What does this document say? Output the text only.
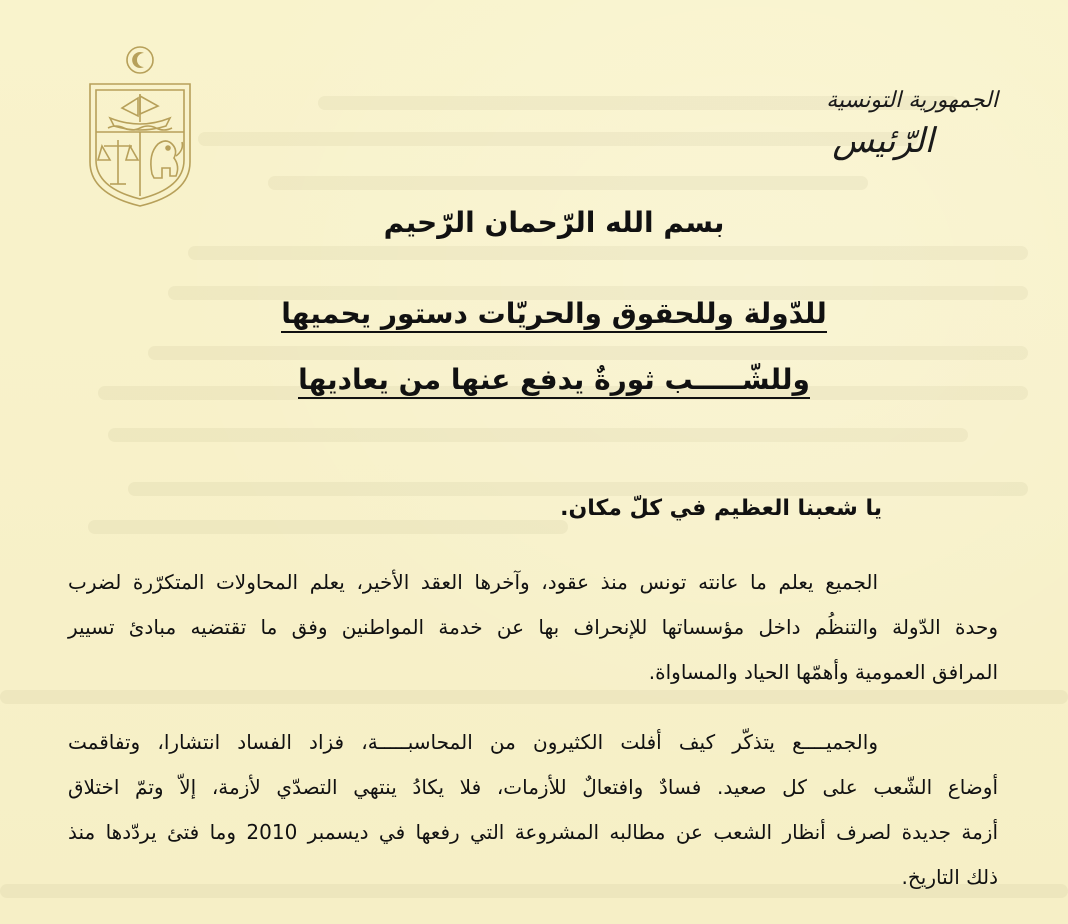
الجمهورية التونسية
الرّئيس
بسم الله الرّحمان الرّحيم
للدّولة وللحقوق والحريّات دستور يحميها
وللشّـــــب ثورةٌ يدفع عنها من يعاديها
يا شعبنا العظيم في كلّ مكان.
الجميع يعلم ما عانته تونس منذ عقود، وآخرها العقد الأخير، يعلم المحاولات المتكرّرة لضرب
وحدة الدّولة والتنظُم داخل مؤسساتها للإنحراف بها عن خدمة المواطنين وفق ما تقتضيه مبادئ تسيير
المرافق العمومية وأهمّها الحياد والمساواة.
والجميــــع يتذكّر كيف أفلت الكثيرون من المحاسبـــــة، فزاد الفساد انتشارا، وتفاقمت
أوضاع الشّعب على كل صعيد. فسادٌ وافتعالٌ للأزمات، فلا يكادُ ينتهي التصدّي لأزمة، إلاّ وتمّ اختلاق
أزمة جديدة لصرف أنظار الشعب عن مطالبه المشروعة التي رفعها في ديسمبر 2010 وما فتئ يردّدها منذ
ذلك التاريخ.
